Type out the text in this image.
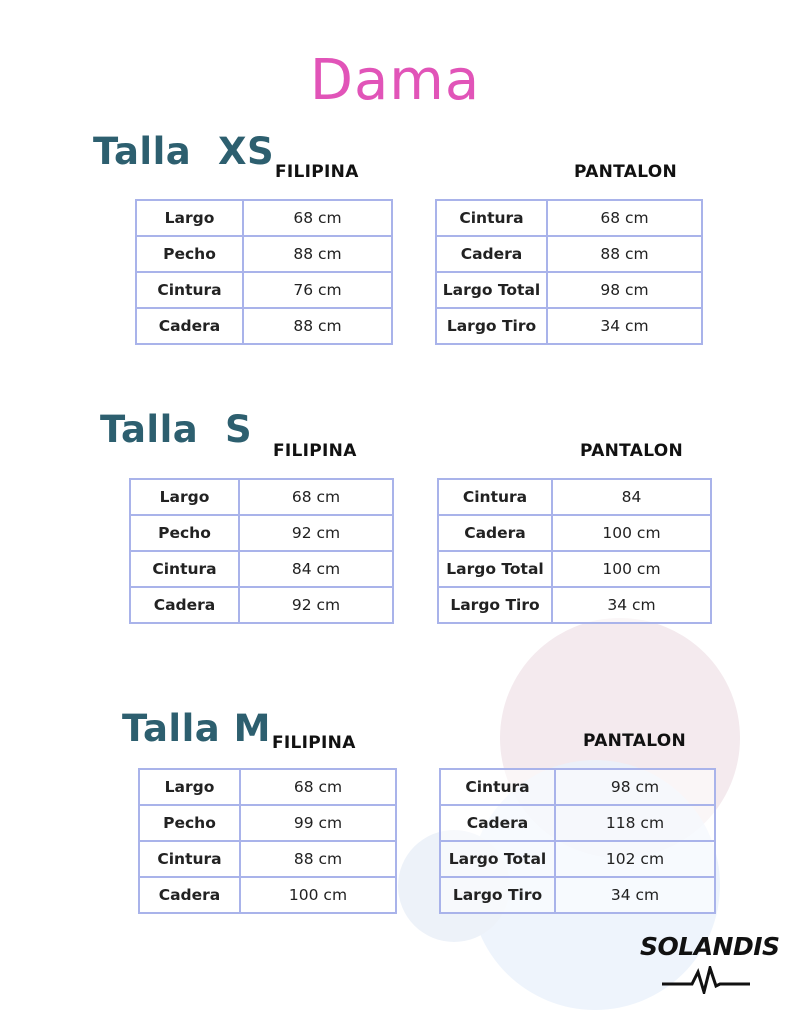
Dama
Talla  XS FILIPINA	PANTALON
Largo	68 cm
Pecho	88 cm
Cintura	76 cm
Cadera	88 cm
Cintura	68 cm
Cadera	88 cm
Largo Total	98 cm
Largo Tiro	34 cm
Talla  S FILIPINA	PANTALON
Largo	68 cm
Pecho	92 cm
Cintura	84 cm
Cadera	92 cm
Cintura	84
Cadera	100 cm
Largo Total	100 cm
Largo Tiro	34 cm
Talla M FILIPINA	PANTALON
Largo	68 cm
Pecho	99 cm
Cintura	88 cm
Cadera	100 cm
Cintura	98 cm
Cadera	118 cm
Largo Total	102 cm
Largo Tiro	34 cm
SOLANDIS
